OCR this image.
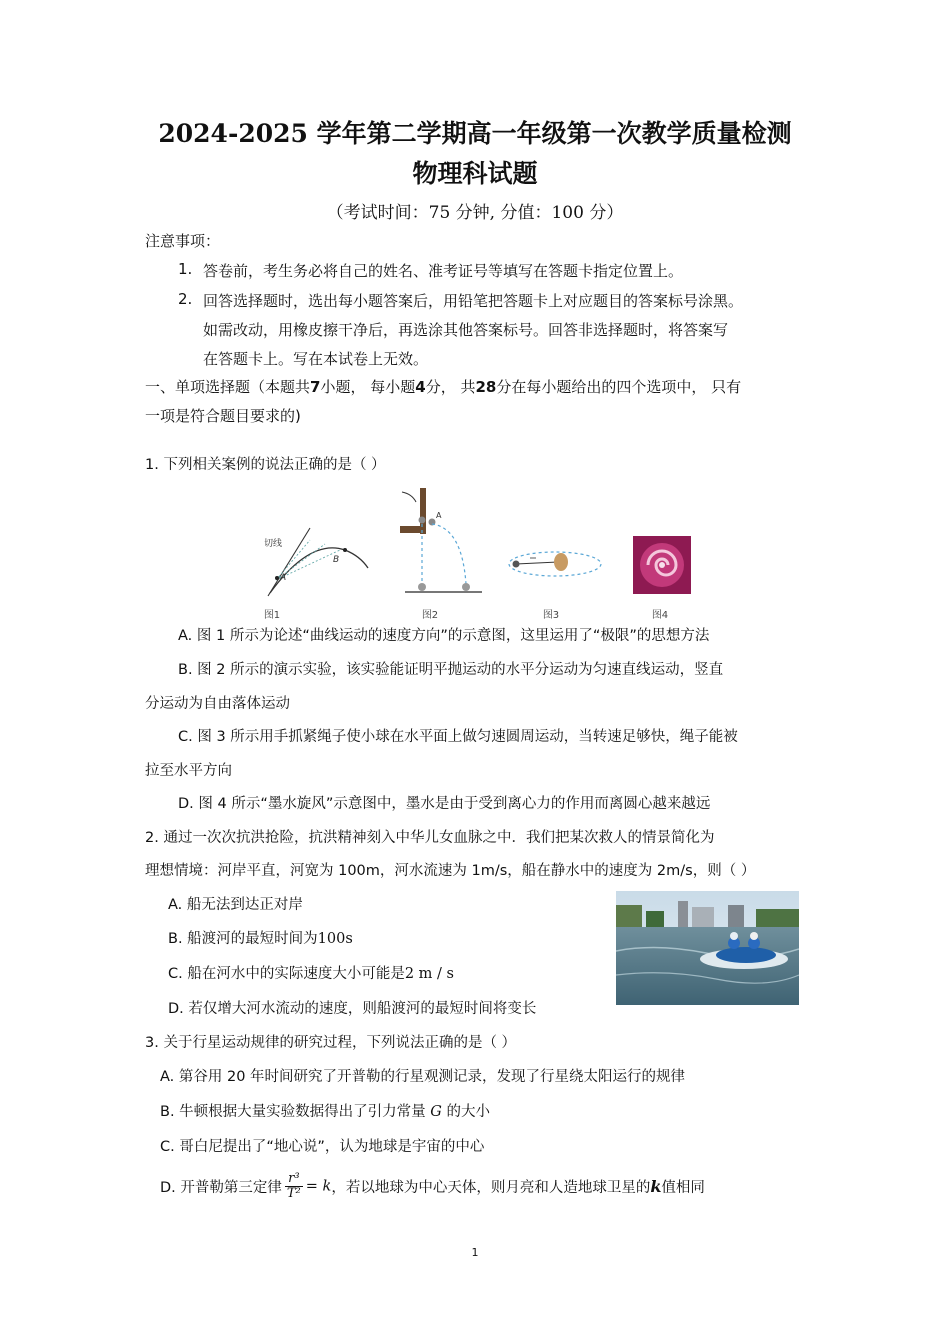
2024-2025 学年第二学期高一年级第一次教学质量检测
物理科试题
（考试时间：75 分钟, 分值：100 分）
注意事项：
1. 答卷前，考生务必将自己的姓名、准考证号等填写在答题卡指定位置上。
2. 回答选择题时，选出每小题答案后，用铅笔把答题卡上对应题目的答案标号涂黑。
如需改动，用橡皮擦干净后，再选涂其他答案标号。回答非选择题时，将答案写
在答题卡上。写在本试卷上无效。
一、单项选择题（本题共7小题， 每小题4分， 共28分在每小题给出的四个选项中， 只有
一项是符合题目要求的)
1. 下列相关案例的说法正确的是（ ）
切线
A
B
A
图1	图2	图3	图4
A. 图 1 所示为论述“曲线运动的速度方向”的示意图，这里运用了“极限”的思想方法
B. 图 2 所示的演示实验，该实验能证明平抛运动的水平分运动为匀速直线运动，竖直
分运动为自由落体运动
C. 图 3 所示用手抓紧绳子使小球在水平面上做匀速圆周运动，当转速足够快，绳子能被
拉至水平方向
D. 图 4 所示“墨水旋风”示意图中，墨水是由于受到离心力的作用而离圆心越来越远
2. 通过一次次抗洪抢险，抗洪精神刻入中华儿女血脉之中．我们把某次救人的情景简化为
理想情境：河岸平直，河宽为 100m，河水流速为 1m/s，船在静水中的速度为 2m/s，则（ ）
A. 船无法到达正对岸
B. 船渡河的最短时间为100s
C. 船在河水中的实际速度大小可能是2 m / s
D. 若仅增大河水流动的速度，则船渡河的最短时间将变长
3. 关于行星运动规律的研究过程，下列说法正确的是（ ）
A. 第谷用 20 年时间研究了开普勒的行星观测记录，发现了行星绕太阳运行的规律
B. 牛顿根据大量实验数据得出了引力常量 G 的大小
C. 哥白尼提出了“地心说”，认为地球是宇宙的中心
D. 开普勒第三定律 $\frac{\text{r³}}{\text{T²}} = k$，若以地球为中心天体，则月亮和人造地球卫星的k值相同
1
